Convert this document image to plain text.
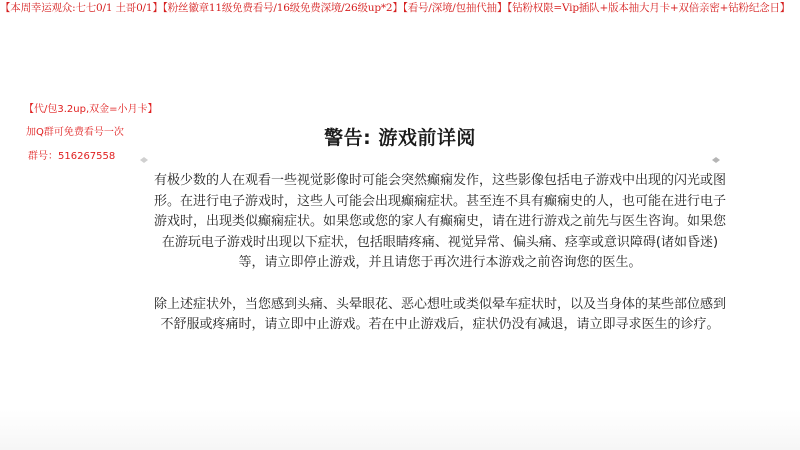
【本周幸运观众:七七0/1 土哥0/1】【粉丝徽章11级免费看号/16级免费深境/26级up*2】【看号/深境/包抽代抽】【钻粉权限=Vip插队+版本抽大月卡+双倍亲密+钻粉纪念日】
【代/包3.2up,双金=小月卡】
加Q群可免费看号一次
群号：516267558
警告: 游戏前详阅

有极少数的人在观看一些视觉影像时可能会突然癫痫发作，这些影像包括电子游戏中出现的闪光或图形。在进行电子游戏时，这些人可能会出现癫痫症状。甚至连不具有癫痫史的人，也可能在进行电子游戏时，出现类似癫痫症状。如果您或您的家人有癫痫史，请在进行游戏之前先与医生咨询。如果您在游玩电子游戏时出现以下症状，包括眼睛疼痛、视觉异常、偏头痛、痉挛或意识障碍(诸如昏迷)等，请立即停止游戏，并且请您于再次进行本游戏之前咨询您的医生。

除上述症状外，当您感到头痛、头晕眼花、恶心想吐或类似晕车症状时，以及当身体的某些部位感到不舒服或疼痛时，请立即中止游戏。若在中止游戏后，症状仍没有减退，请立即寻求医生的诊疗。
